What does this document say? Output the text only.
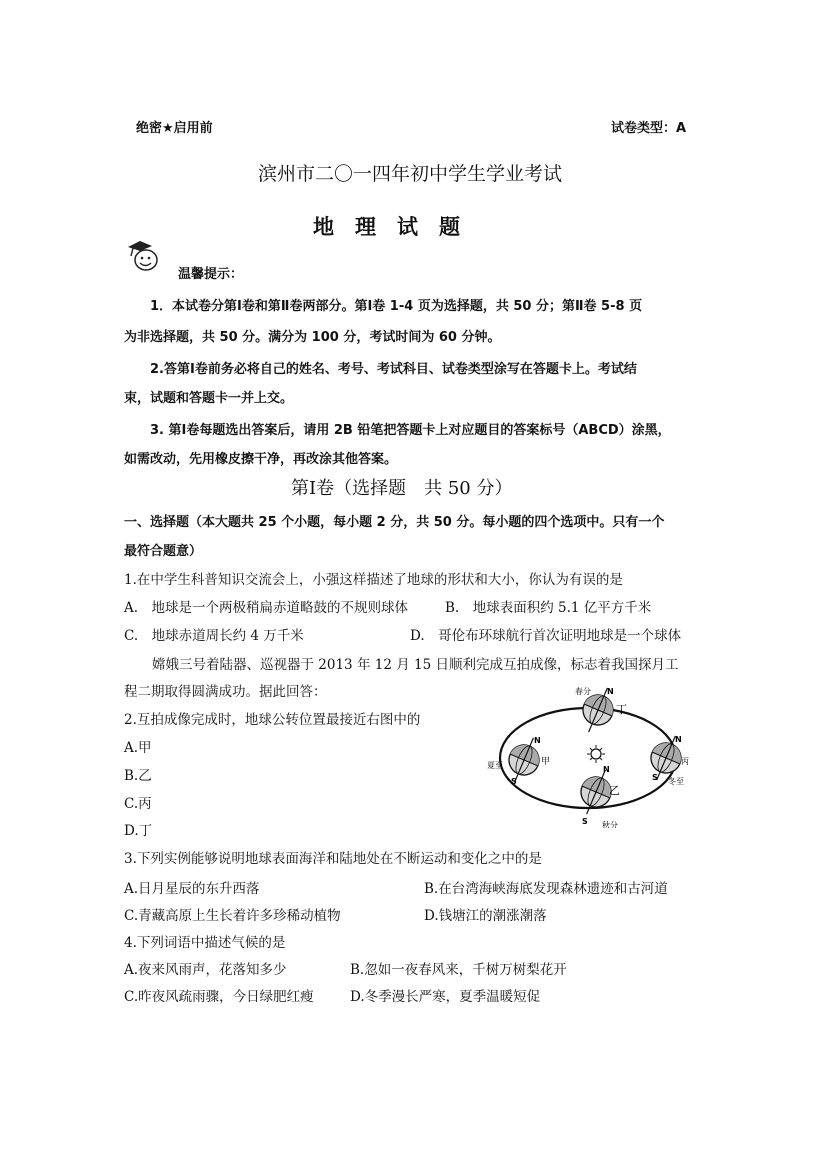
绝密★启用前	试卷类型：A
滨州市二〇一四年初中学生学业考试
地　理　试　题
温馨提示：
1．本试卷分第Ⅰ卷和第Ⅱ卷两部分。第Ⅰ卷 1-4 页为选择题，共 50 分；第Ⅱ卷 5-8 页
为非选择题，共 50 分。满分为 100 分，考试时间为 60 分钟。
2.答第Ⅰ卷前务必将自己的姓名、考号、考试科目、试卷类型涂写在答题卡上。考试结
束，试题和答题卡一并上交。
3. 第Ⅰ卷每题选出答案后，请用 2B 铅笔把答题卡上对应题目的答案标号（ABCD）涂黑，
如需改动，先用橡皮擦干净，再改涂其他答案。
第Ⅰ卷（选择题　共 50 分）
一、选择题（本大题共 25 个小题，每小题 2 分，共 50 分。每小题的四个选项中。只有一个
最符合题意）
1.在中学生科普知识交流会上，小强这样描述了地球的形状和大小，你认为有误的是
A.　地球是一个两极稍扁赤道略鼓的不规则球体	B.　地球表面积约 5.1 亿平方千米
C.　地球赤道周长约 4 万千米	D.　哥伦布环球航行首次证明地球是一个球体
嫦娥三号着陆器、巡视器于 2013 年 12 月 15 日顺利完成互拍成像，标志着我国探月工
程二期取得圆满成功。据此回答：
2.互拍成像完成时，地球公转位置最接近右图中的
A.甲
B.乙
C.丙
D.丁
春分 N
丁
夏至	甲
N
S
丙
冬至
N
S
乙
秋分
N
S
3.下列实例能够说明地球表面海洋和陆地处在不断运动和变化之中的是
A.日月星辰的东升西落	B.在台湾海峡海底发现森林遗迹和古河道
C.青藏高原上生长着许多珍稀动植物	D.钱塘江的潮涨潮落
4.下列词语中描述气候的是
A.夜来风雨声，花落知多少	B.忽如一夜春风来，千树万树梨花开
C.昨夜风疏雨骤，今日绿肥红瘦	D.冬季漫长严寒，夏季温暖短促
